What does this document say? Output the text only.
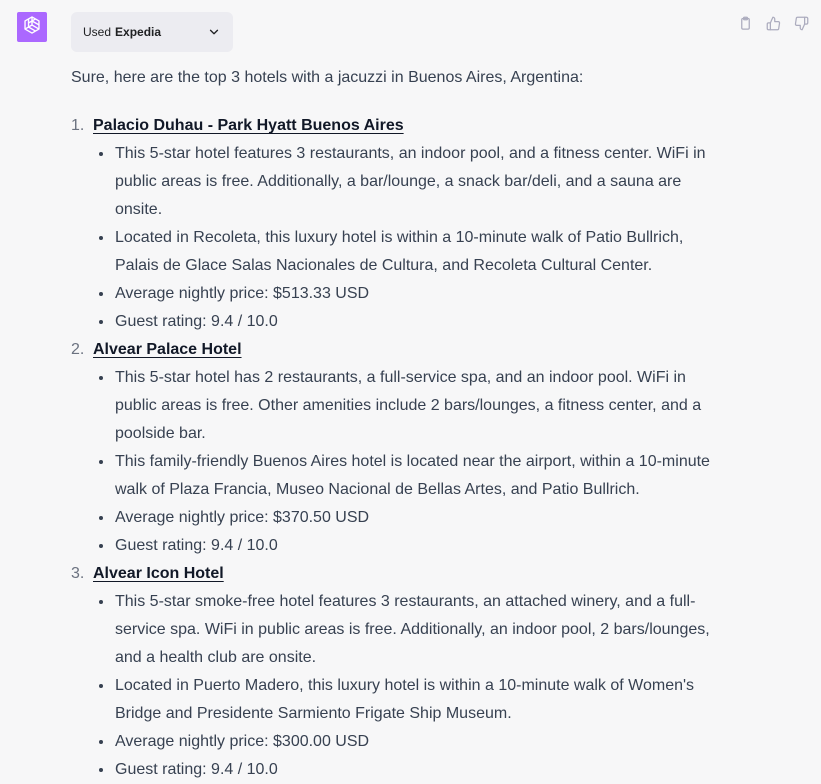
Used Expedia

Sure, here are the top 3 hotels with a jacuzzi in Buenos Aires, Argentina:

1. Palacio Duhau - Park Hyatt Buenos Aires
This 5-star hotel features 3 restaurants, an indoor pool, and a fitness center. WiFi in public areas is free. Additionally, a bar/lounge, a snack bar/deli, and a sauna are onsite.
Located in Recoleta, this luxury hotel is within a 10-minute walk of Patio Bullrich, Palais de Glace Salas Nacionales de Cultura, and Recoleta Cultural Center.
Average nightly price: $513.33 USD
Guest rating: 9.4 / 10.0
2. Alvear Palace Hotel
This 5-star hotel has 2 restaurants, a full-service spa, and an indoor pool. WiFi in public areas is free. Other amenities include 2 bars/lounges, a fitness center, and a poolside bar.
This family-friendly Buenos Aires hotel is located near the airport, within a 10-minute walk of Plaza Francia, Museo Nacional de Bellas Artes, and Patio Bullrich.
Average nightly price: $370.50 USD
Guest rating: 9.4 / 10.0
3. Alvear Icon Hotel
This 5-star smoke-free hotel features 3 restaurants, an attached winery, and a full-service spa. WiFi in public areas is free. Additionally, an indoor pool, 2 bars/lounges, and a health club are onsite.
Located in Puerto Madero, this luxury hotel is within a 10-minute walk of Women's Bridge and Presidente Sarmiento Frigate Ship Museum.
Average nightly price: $300.00 USD
Guest rating: 9.4 / 10.0
